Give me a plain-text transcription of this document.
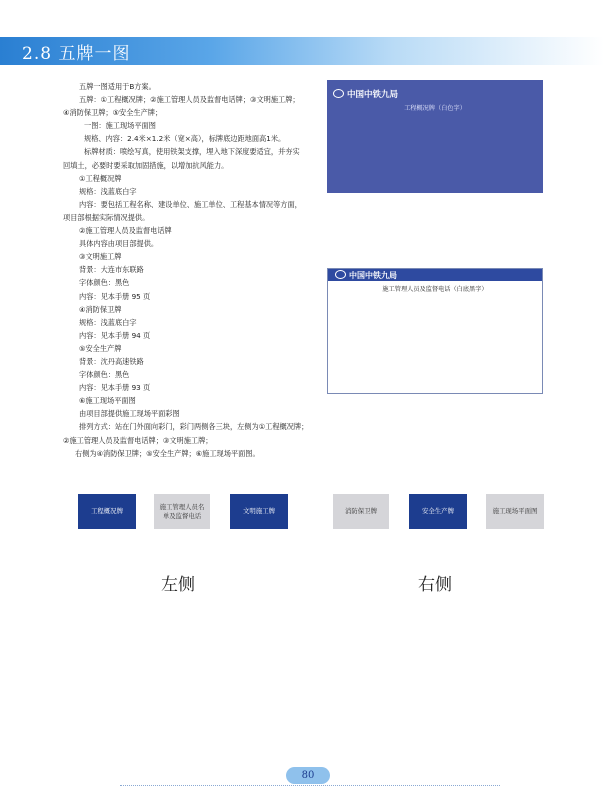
2.8 五牌一图
五牌一图适用于B方案。
五牌：①工程概况牌；②施工管理人员及监督电话牌；③文明施工牌；
④消防保卫牌；⑤安全生产牌；
一图：施工现场平面图
规格、内容：2.4米×1.2米（宽×高），标牌底边距地面高1米。
标牌材质：喷绘写真，使用铁架支撑，埋入地下深度要适宜，并夯实
回填土，必要时要采取加固措施，以增加抗风能力。
①工程概况牌
规格：浅蓝底白字
内容：要包括工程名称、建设单位、施工单位、工程基本情况等方面，
项目部根据实际情况提供。
②施工管理人员及监督电话牌
具体内容由项目部提供。
③文明施工牌
背景：大连市东联路
字体颜色：黑色
内容：见本手册 95 页
④消防保卫牌
规格：浅蓝底白字
内容：见本手册 94 页
⑤安全生产牌
背景：沈丹高速铁路
字体颜色：黑色
内容：见本手册 93 页
⑥施工现场平面图
由项目部提供施工现场平面彩图
排列方式：站在门外面向彩门，彩门两侧各三块，左侧为①工程概况牌；
②施工管理人员及监督电话牌；③文明施工牌；
右侧为④消防保卫牌；⑤安全生产牌；⑥施工现场平面图。
中国中铁九局
工程概况牌（白色字）
中国中铁九局
施工管理人员及监督电话（白底黑字）
工程概况牌
施工管理人员名单及监督电话
文明施工牌	消防保卫牌	安全生产牌	施工现场平面图
左侧	右侧
80
